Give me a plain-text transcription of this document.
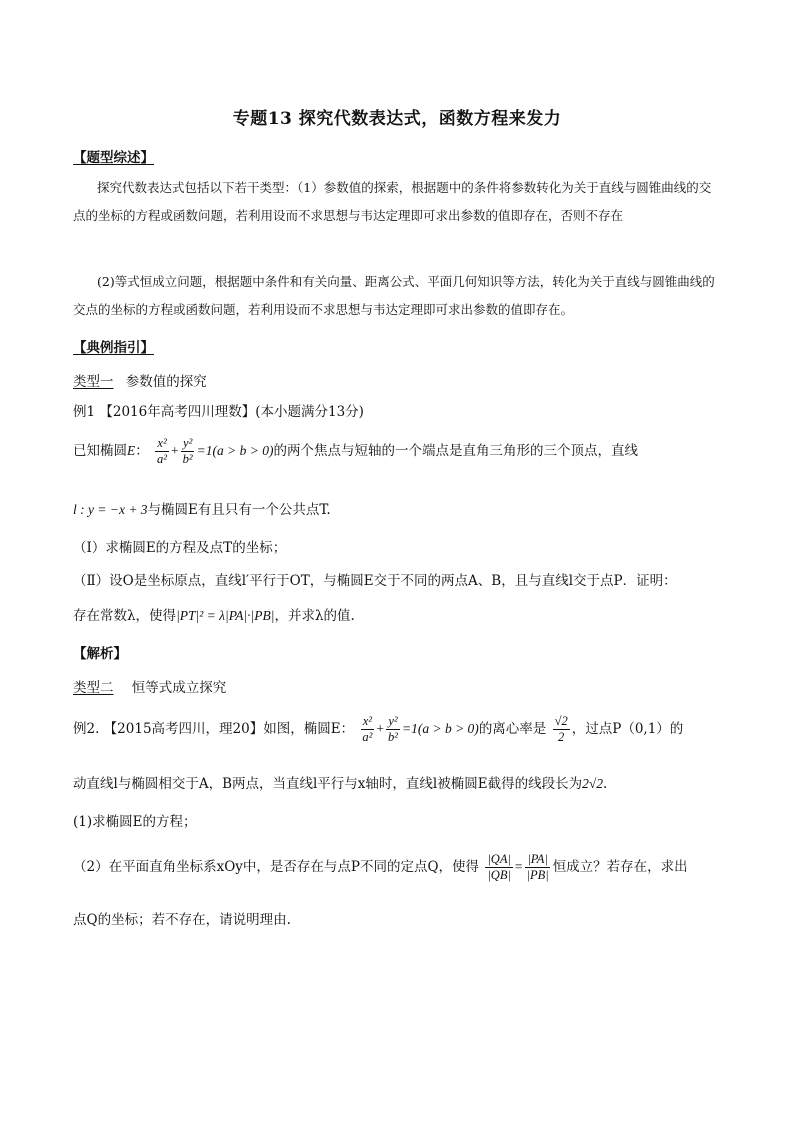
专题13 探究代数表达式，函数方程来发力
【题型综述】
探究代数表达式包括以下若干类型：（1）参数值的探索，根据题中的条件将参数转化为关于直线与圆锥曲线的交点的坐标的方程或函数问题，若利用设而不求思想与韦达定理即可求出参数的值即存在，否则不存在
(2)等式恒成立问题，根据题中条件和有关向量、距离公式、平面几何知识等方法，转化为关于直线与圆锥曲线的交点的坐标的方程或函数问题，若利用设而不求思想与韦达定理即可求出参数的值即存在。
【典例指引】
类型一 参数值的探究
例1 【2016年高考四川理数】(本小题满分13分)
已知椭圆E： $\frac{\text{x²}}{\text{a²}} + \frac{\text{y²}}{\text{b²}} =1(a > b > 0)$的两个焦点与短轴的一个端点是直角三角形的三个顶点，直线
l : y = −x + 3与椭圆E有且只有一个公共点T.
（Ⅰ）求椭圆E的方程及点T的坐标；
（Ⅱ）设O是坐标原点，直线l′平行于OT，与椭圆E交于不同的两点A、B，且与直线l交于点P．证明：
存在常数λ，使得|PT|² = λ|PA|·|PB|，并求λ的值.
【解析】
类型二 恒等式成立探究
例2. 【2015高考四川，理20】如图，椭圆E： $\frac{\text{x²}}{\text{a²}} + \frac{\text{y²}}{\text{b²}} =1(a > b > 0)$的离心率是 $\frac{√2}{2}$ ，过点P（0,1）的
动直线l与椭圆相交于A，B两点，当直线l平行与x轴时，直线l被椭圆E截得的线段长为2√2.
(1)求椭圆E的方程；
（2）在平面直角坐标系xOy中，是否存在与点P不同的定点Q，使得 $\frac{|QA|}{|QB|} = \frac{|PA|}{|PB|}$ 恒成立？若存在，求出
点Q的坐标；若不存在，请说明理由.
